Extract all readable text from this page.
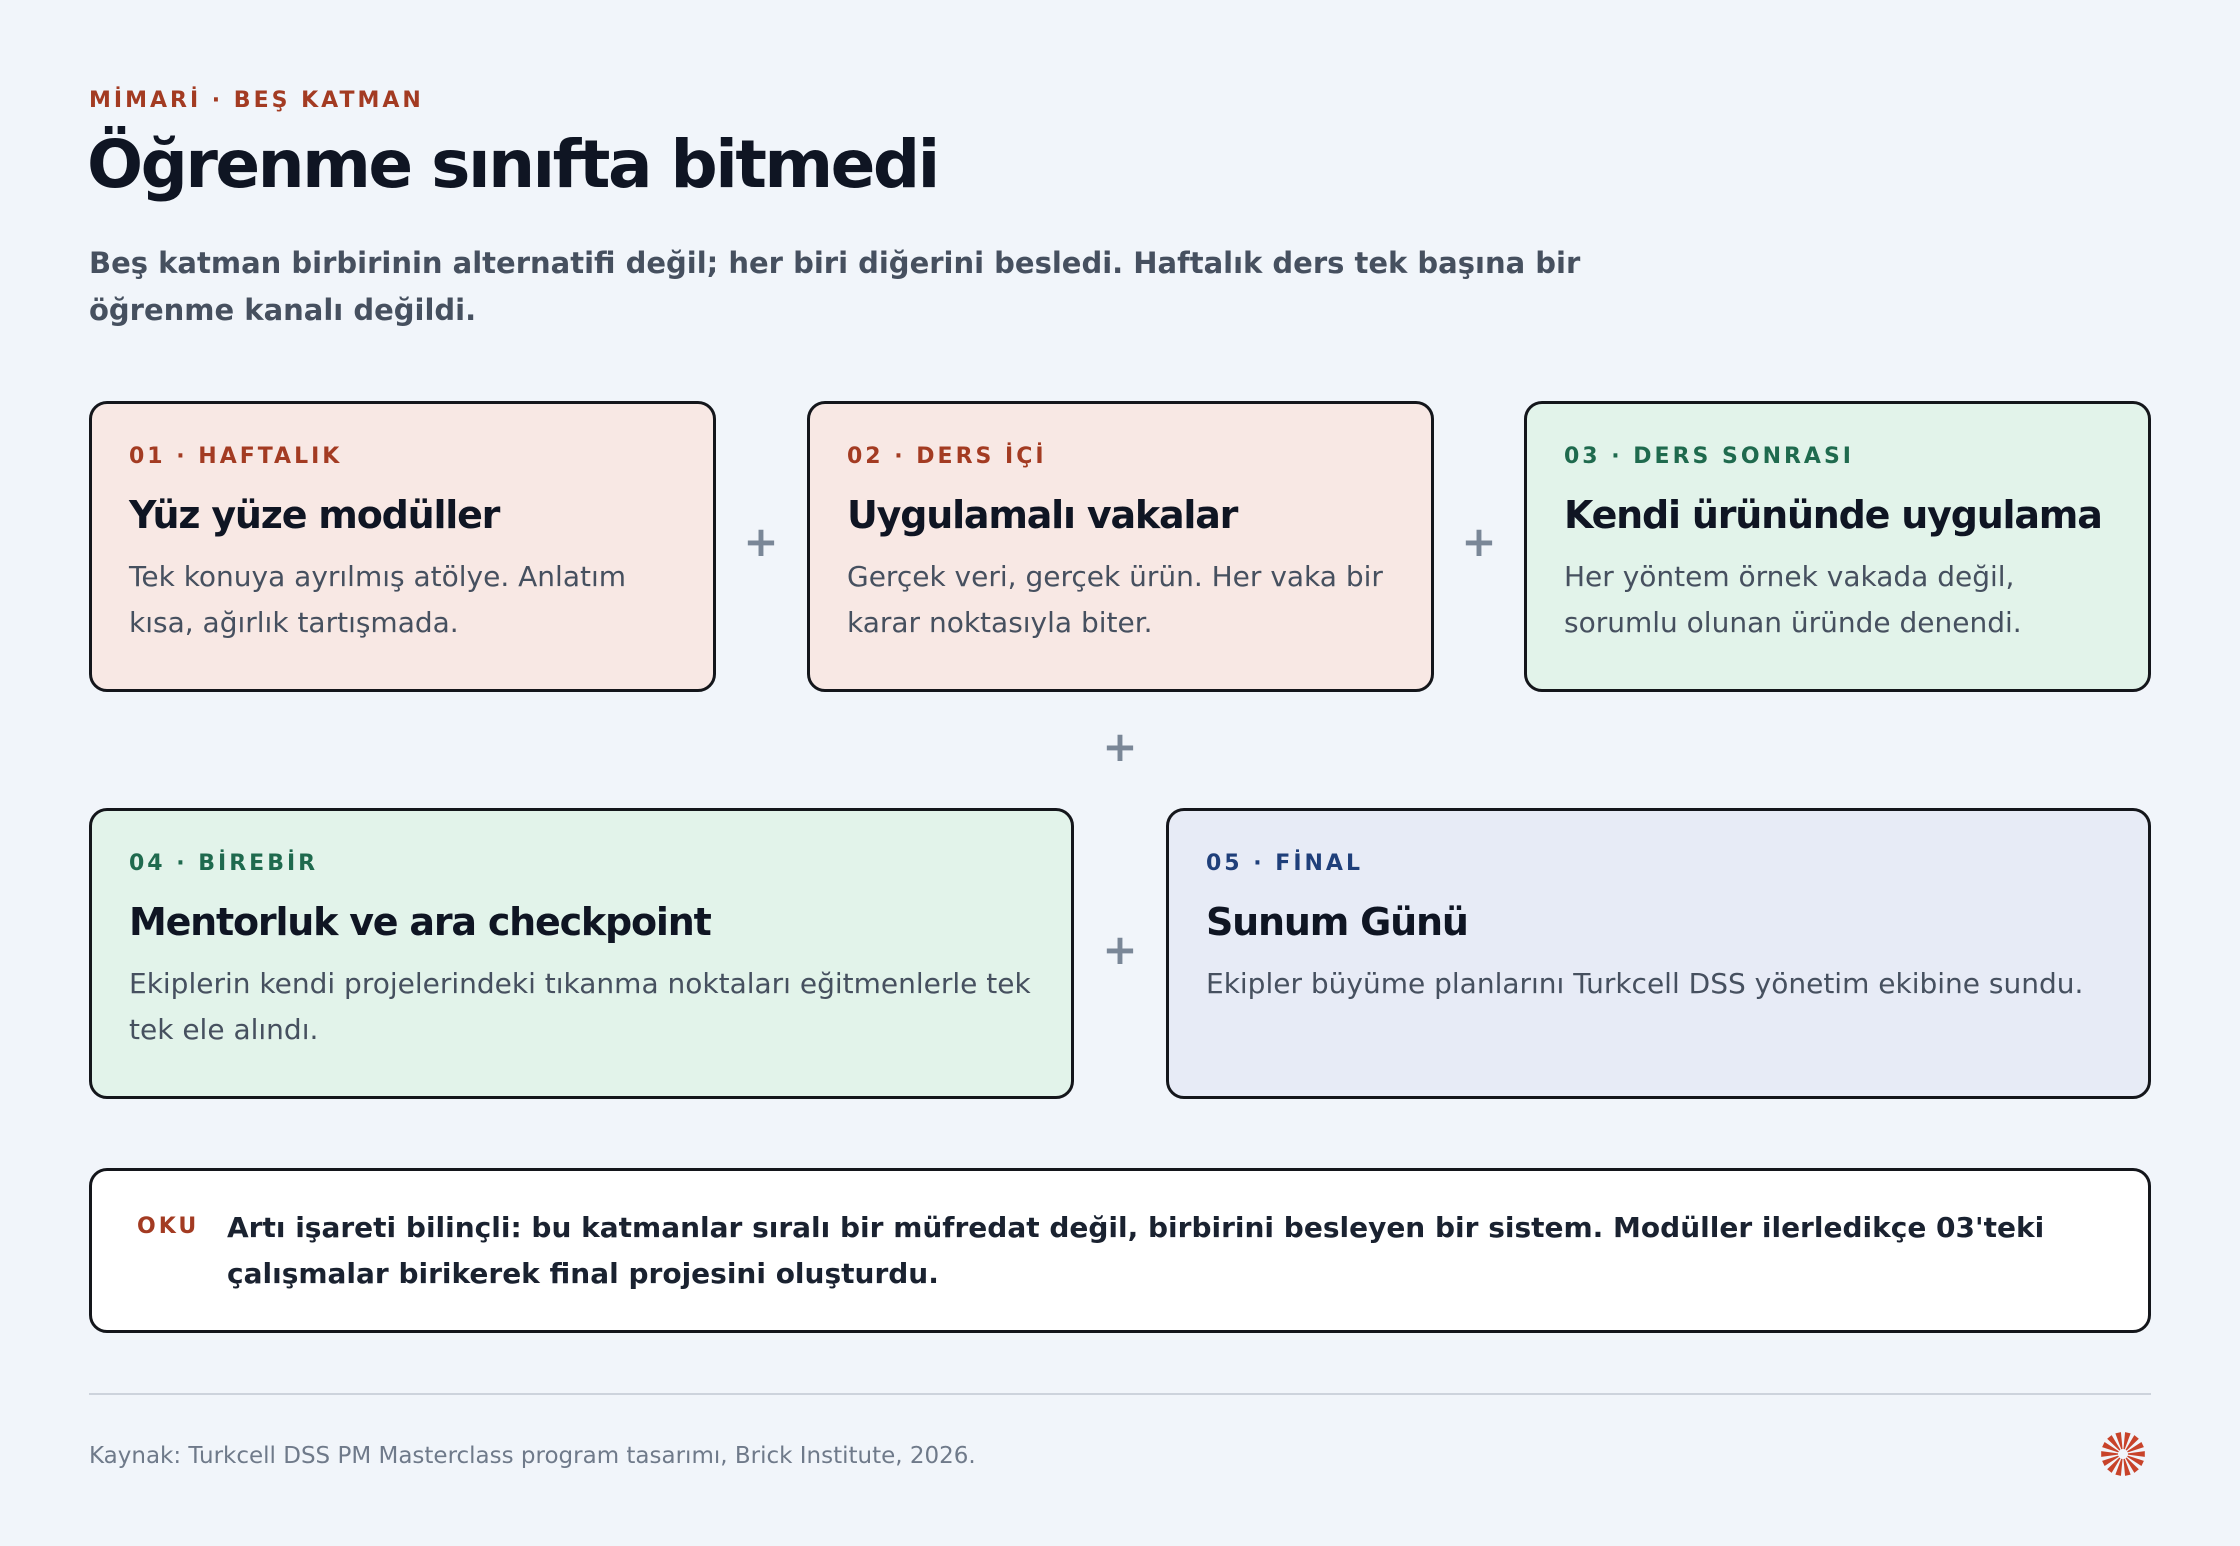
MİMARİ · BEŞ KATMAN
Öğrenme sınıfta bitmedi

Beş katman birbirinin alternatifi değil; her biri diğerini besledi. Haftalık ders tek başına bir öğrenme kanalı değildi.

01 · HAFTALIK
Yüz yüze modüller
Tek konuya ayrılmış atölye. Anlatım kısa, ağırlık tartışmada.
+
02 · DERS İÇİ
Uygulamalı vakalar
Gerçek veri, gerçek ürün. Her vaka bir karar noktasıyla biter.
+
03 · DERS SONRASI
Kendi ürününde uygulama
Her yöntem örnek vakada değil, sorumlu olunan üründe denendi.
+
04 · BİREBİR
Mentorluk ve ara checkpoint
Ekiplerin kendi projelerindeki tıkanma noktaları eğitmenlerle tek tek ele alındı.
+
05 · FİNAL
Sunum Günü
Ekipler büyüme planlarını Turkcell DSS yönetim ekibine sundu.
OKU Artı işareti bilinçli: bu katmanlar sıralı bir müfredat değil, birbirini besleyen bir sistem. Modüller ilerledikçe 03'teki çalışmalar birikerek final projesini oluşturdu.
Kaynak: Turkcell DSS PM Masterclass program tasarımı, Brick Institute, 2026.
